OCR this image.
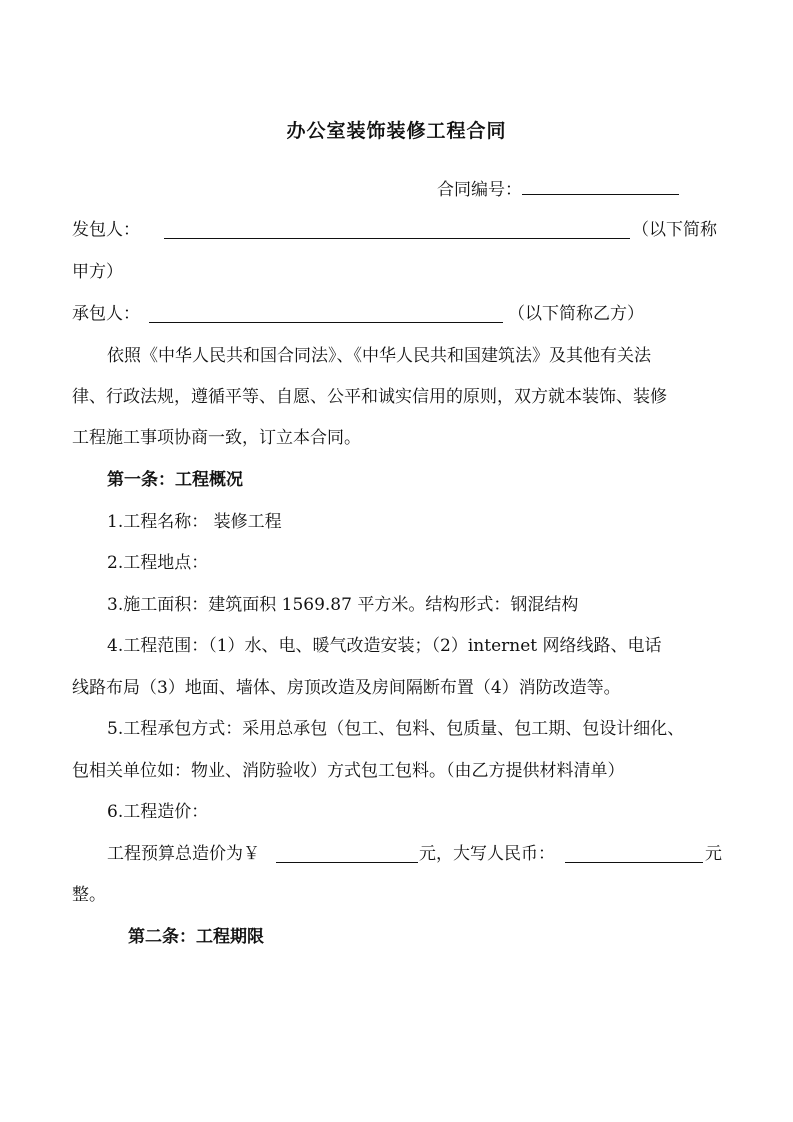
办公室装饰装修工程合同
合同编号：
发包人：	（以下简称
甲方）
承包人：	（以下简称乙方）
依照《中华人民共和国合同法》、《中华人民共和国建筑法》及其他有关法
律、行政法规，遵循平等、自愿、公平和诚实信用的原则，双方就本装饰、装修
工程施工事项协商一致，订立本合同。
第一条：工程概况
1.工程名称： 装修工程
2.工程地点：
3.施工面积：建筑面积 1569.87 平方米。结构形式：钢混结构
4.工程范围：（1）水、电、暖气改造安装；（2）internet 网络线路、电话
线路布局（3）地面、墙体、房顶改造及房间隔断布置（4）消防改造等。
5.工程承包方式：采用总承包（包工、包料、包质量、包工期、包设计细化、
包相关单位如：物业、消防验收）方式包工包料。（由乙方提供材料清单）
6.工程造价：
工程预算总造价为￥	元，大写人民币：	元
整。
第二条：工程期限
